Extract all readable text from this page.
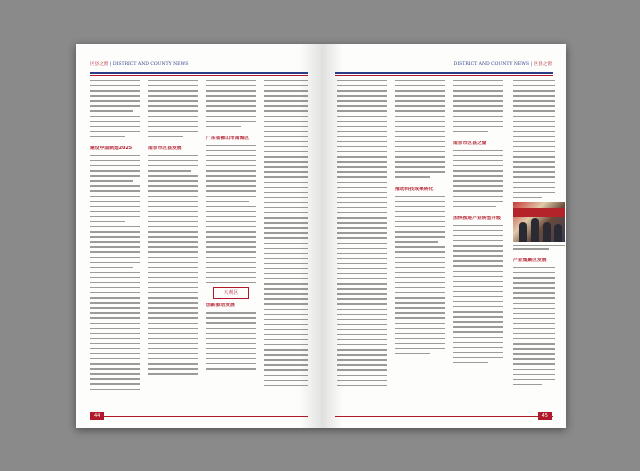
区县之窗 | DISTRICT AND COUNTY NEWS
建设中国制造2025	南京市区县发展
广东省佛山市南海区
大观区
创新驱动发展
44
DISTRICT AND COUNTY NEWS | 区县之窗
推动科技成果转化
南京市区县之窗
加快推进产业转型升级
产业集聚区发展
45
